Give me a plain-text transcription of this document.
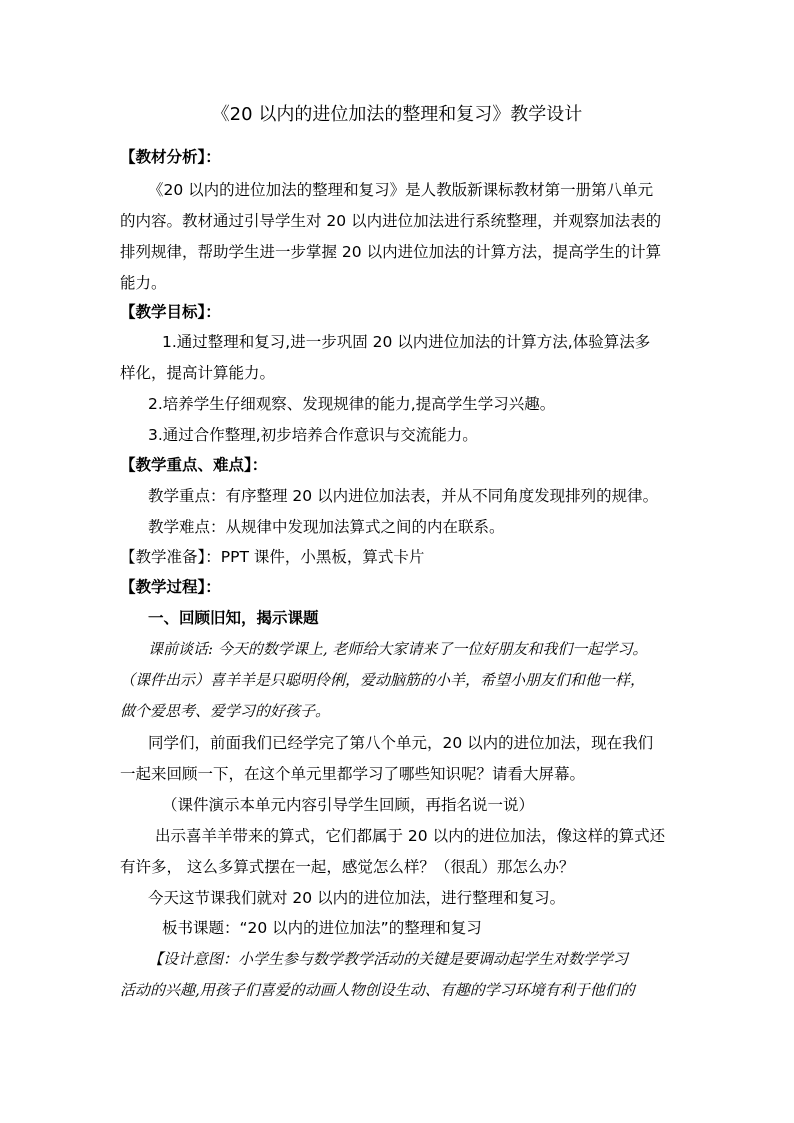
《20 以内的进位加法的整理和复习》教学设计
【教材分析】：
《20 以内的进位加法的整理和复习》是人教版新课标教材第一册第八单元
的内容。教材通过引导学生对 20 以内进位加法进行系统整理，并观察加法表的
排列规律，帮助学生进一步掌握 20 以内进位加法的计算方法，提高学生的计算
能力。
【教学目标】：
1.通过整理和复习,进一步巩固 20 以内进位加法的计算方法,体验算法多
样化，提高计算能力。
2.培养学生仔细观察、发现规律的能力,提高学生学习兴趣。
3.通过合作整理,初步培养合作意识与交流能力。
【教学重点、难点】：
教学重点：有序整理 20 以内进位加法表，并从不同角度发现排列的规律。
教学难点：从规律中发现加法算式之间的内在联系。
【教学准备】：PPT 课件，小黑板，算式卡片
【教学过程】：
一、回顾旧知，揭示课题
课前谈话: 今天的数学课上, 老师给大家请来了一位好朋友和我们一起学习。
（课件出示）喜羊羊是只聪明伶俐，爱动脑筋的小羊，希望小朋友们和他一样，
做个爱思考、爱学习的好孩子。
同学们，前面我们已经学完了第八个单元，20 以内的进位加法，现在我们
一起来回顾一下，在这个单元里都学习了哪些知识呢？请看大屏幕。
（课件演示本单元内容引导学生回顾，再指名说一说）
出示喜羊羊带来的算式，它们都属于 20 以内的进位加法，像这样的算式还
有许多， 这么多算式摆在一起，感觉怎么样？（很乱）那怎么办？
今天这节课我们就对 20 以内的进位加法，进行整理和复习。
板书课题：“20 以内的进位加法”的整理和复习
【设计意图：小学生参与数学教学活动的关键是要调动起学生对数学学习
活动的兴趣,用孩子们喜爱的动画人物创设生动、有趣的学习环境有利于他们的
